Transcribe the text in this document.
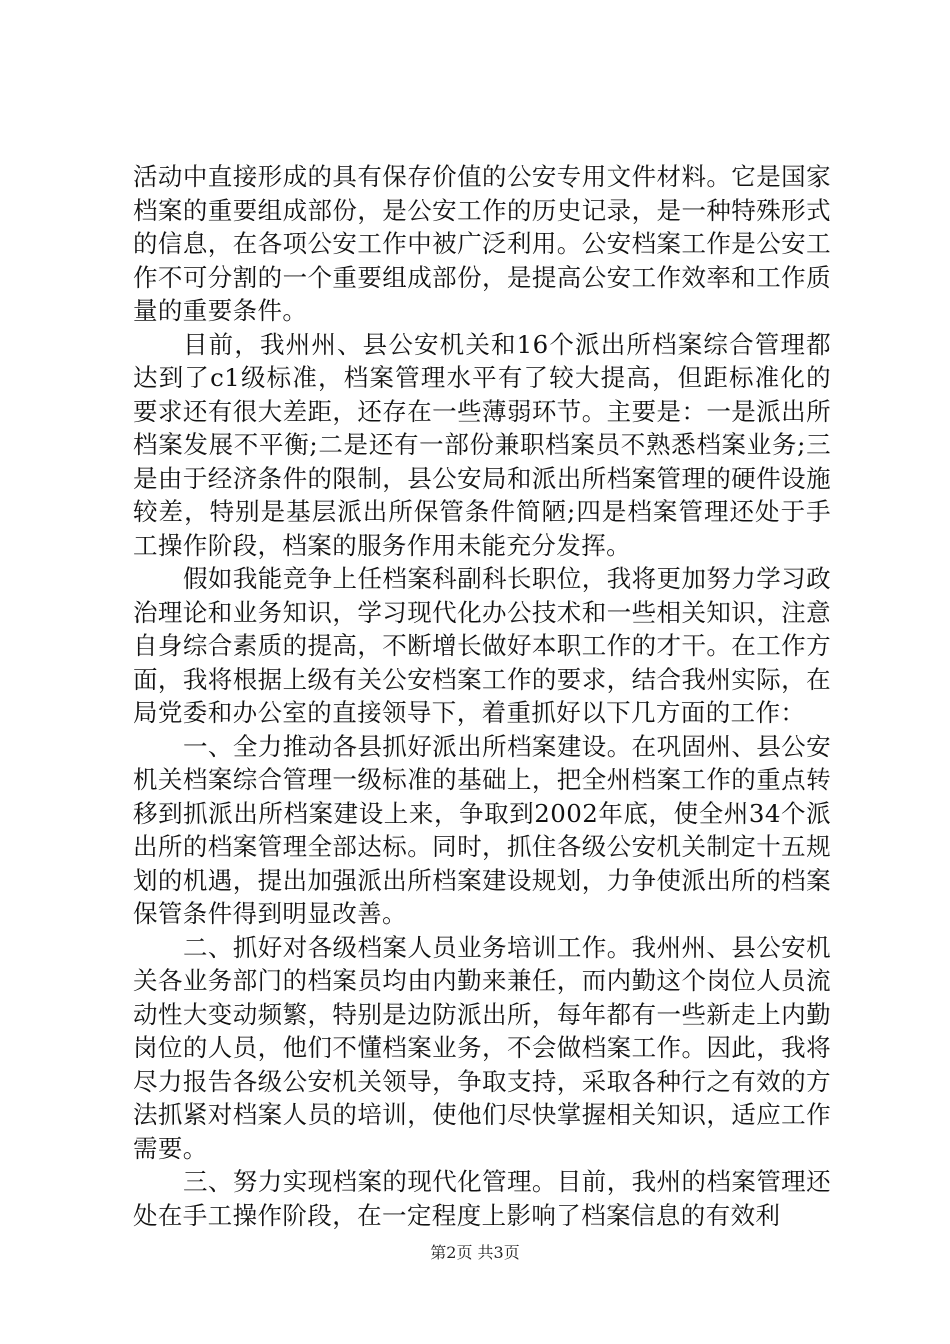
活动中直接形成的具有保存价值的公安专用文件材料。它是国家档案的重要组成部份，是公安工作的历史记录，是一种特殊形式的信息，在各项公安工作中被广泛利用。公安档案工作是公安工作不可分割的一个重要组成部份，是提高公安工作效率和工作质量的重要条件。

目前，我州州、县公安机关和16个派出所档案综合管理都达到了c1级标准，档案管理水平有了较大提高，但距标准化的要求还有很大差距，还存在一些薄弱环节。主要是：一是派出所档案发展不平衡;二是还有一部份兼职档案员不熟悉档案业务;三是由于经济条件的限制，县公安局和派出所档案管理的硬件设施较差，特别是基层派出所保管条件简陋;四是档案管理还处于手工操作阶段，档案的服务作用未能充分发挥。

假如我能竞争上任档案科副科长职位，我将更加努力学习政治理论和业务知识，学习现代化办公技术和一些相关知识，注意自身综合素质的提高，不断增长做好本职工作的才干。在工作方面，我将根据上级有关公安档案工作的要求，结合我州实际，在局党委和办公室的直接领导下，着重抓好以下几方面的工作：

一、全力推动各县抓好派出所档案建设。在巩固州、县公安机关档案综合管理一级标准的基础上，把全州档案工作的重点转移到抓派出所档案建设上来，争取到2002年底，使全州34个派出所的档案管理全部达标。同时，抓住各级公安机关制定十五规划的机遇，提出加强派出所档案建设规划，力争使派出所的档案保管条件得到明显改善。

二、抓好对各级档案人员业务培训工作。我州州、县公安机关各业务部门的档案员均由内勤来兼任，而内勤这个岗位人员流动性大变动频繁，特别是边防派出所，每年都有一些新走上内勤岗位的人员，他们不懂档案业务，不会做档案工作。因此，我将尽力报告各级公安机关领导，争取支持，采取各种行之有效的方法抓紧对档案人员的培训，使他们尽快掌握相关知识，适应工作需要。

三、努力实现档案的现代化管理。目前，我州的档案管理还处在手工操作阶段，在一定程度上影响了档案信息的有效利

第2页 共3页
